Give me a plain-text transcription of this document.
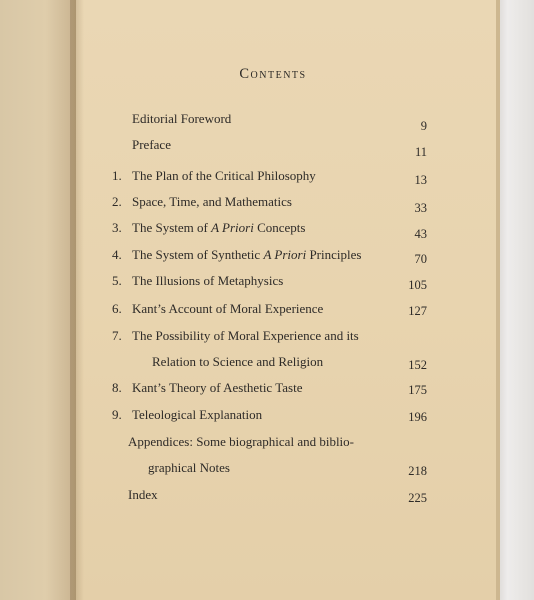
Contents
Editorial Foreword	9
Preface	11
1. The Plan of the Critical Philosophy	13
2. Space, Time, and Mathematics	33
3. The System of A Priori Concepts	43
4. The System of Synthetic A Priori Principles	70
5. The Illusions of Metaphysics	105
6. Kant’s Account of Moral Experience	127
7. The Possibility of Moral Experience and its
Relation to Science and Religion	152
8. Kant’s Theory of Aesthetic Taste	175
9. Teleological Explanation	196
Appendices: Some biographical and biblio-
graphical Notes	218
Index	225
